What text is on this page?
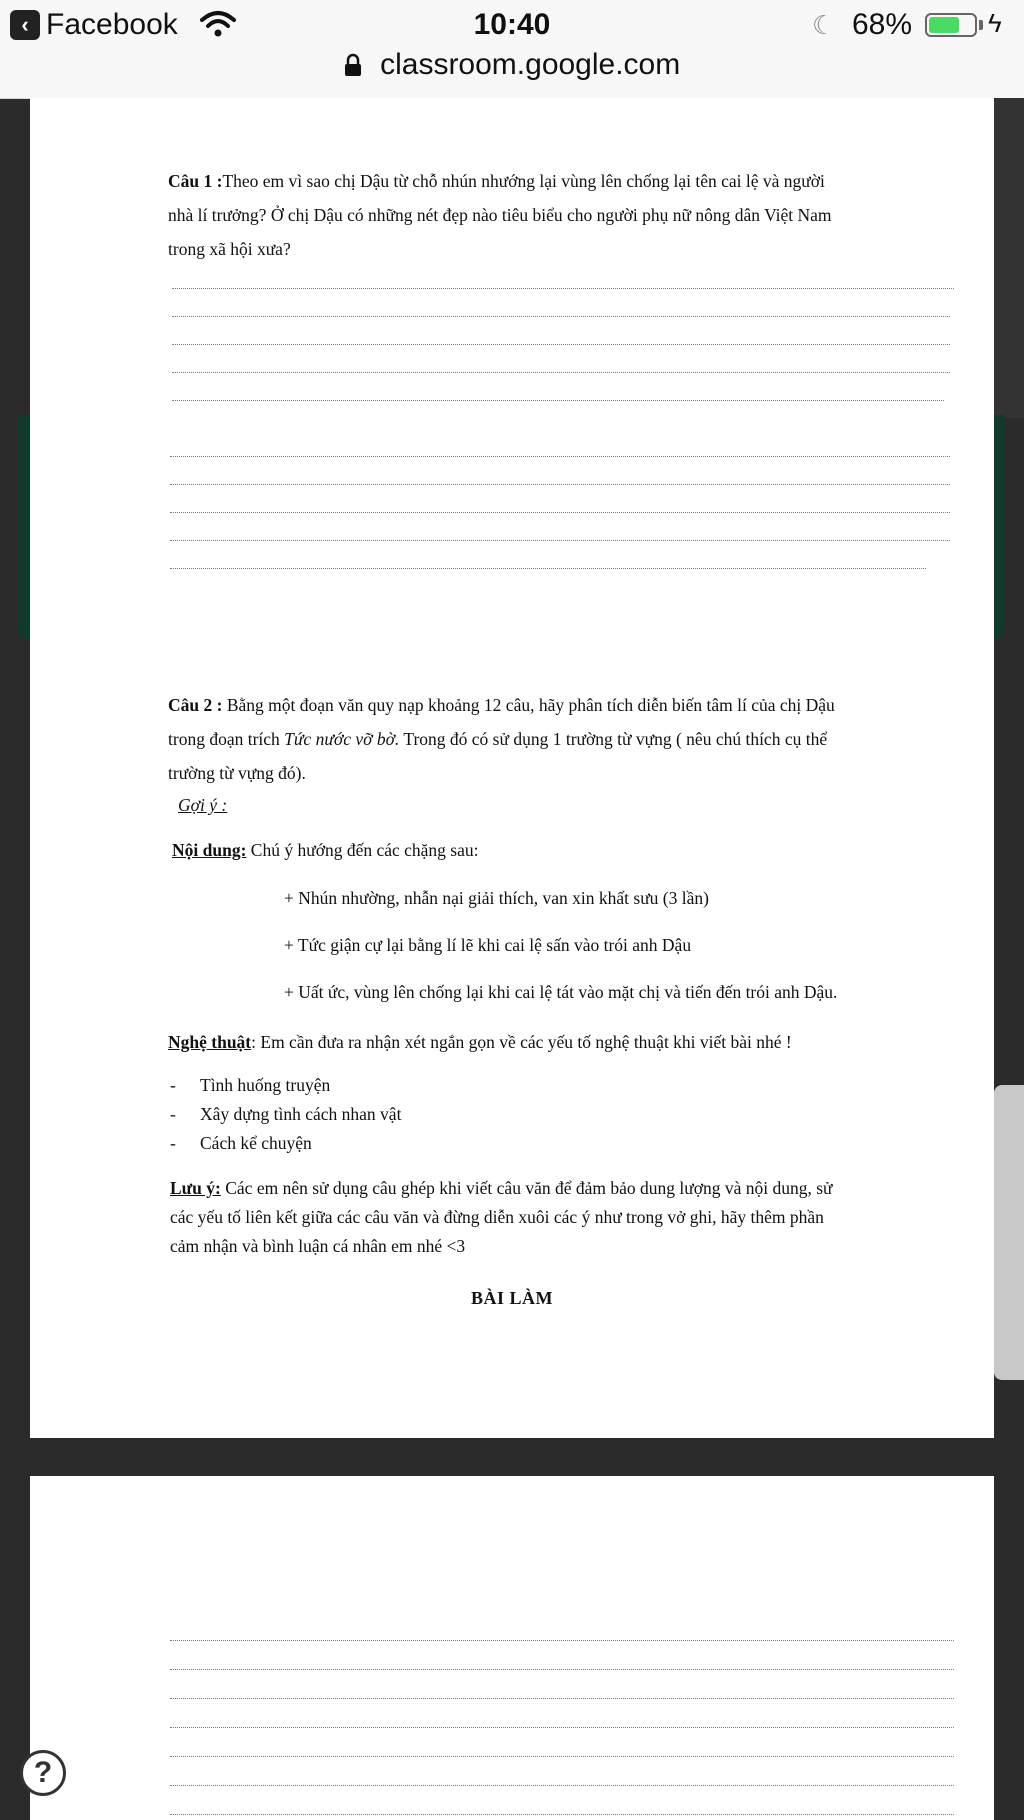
‹ Facebook	10:40	☾ 68%	ϟ
classroom.google.com
Câu 1 :Theo em vì sao chị Dậu từ chỗ nhún nhướng lại vùng lên chống lại tên cai lệ và người
nhà lí trưởng? Ở chị Dậu có những nét đẹp nào tiêu biểu cho người phụ nữ nông dân Việt Nam
trong xã hội xưa?
Câu 2 : Bằng một đoạn văn quy nạp khoảng 12 câu, hãy phân tích diễn biến tâm lí của chị Dậu
trong đoạn trích Tức nước vỡ bờ. Trong đó có sử dụng 1 trường từ vựng ( nêu chú thích cụ thể
trường từ vựng đó).
Gợi ý :
Nội dung: Chú ý hướng đến các chặng sau:
+ Nhún nhường, nhẫn nại giải thích, van xin khất sưu (3 lần)
+ Tức giận cự lại bằng lí lẽ khi cai lệ sấn vào trói anh Dậu
+ Uất ức, vùng lên chống lại khi cai lệ tát vào mặt chị và tiến đến trói anh Dậu.
Nghệ thuật: Em cần đưa ra nhận xét ngắn gọn về các yếu tố nghệ thuật khi viết bài nhé !
- Tình huống truyện
- Xây dựng tình cách nhan vật
- Cách kể chuyện
Lưu ý: Các em nên sử dụng câu ghép khi viết câu văn để đảm bảo dung lượng và nội dung, sử
các yếu tố liên kết giữa các câu văn và đừng diễn xuôi các ý như trong vở ghi, hãy thêm phần
cảm nhận và bình luận cá nhân em nhé <3
BÀI LÀM
?
